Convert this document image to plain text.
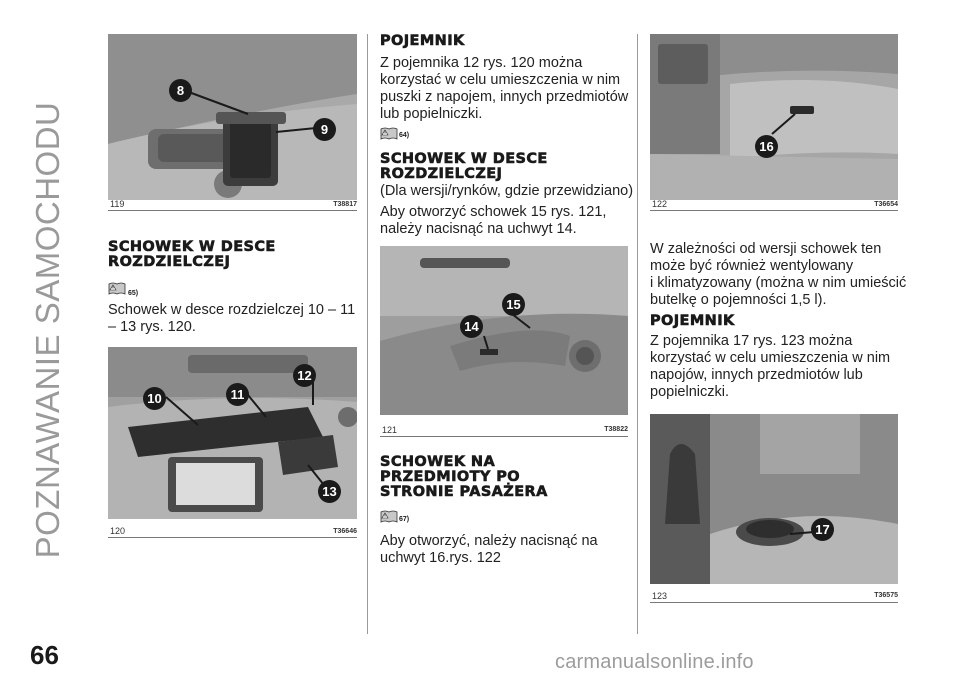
POZNAWANIE SAMOCHODU
8
9
119	T38817
SCHOWEK W DESCE
ROZDZIELCZEJ
65)

Schowek w desce rozdzielczej 10 – 11
– 13 rys. 120.

10	11
12
13
120	T36646
POJEMNIK

Z pojemnika 12 rys. 120 można
korzystać w celu umieszczenia w nim
puszki z napojem, innych przedmiotów
lub popielniczki.

64)
SCHOWEK W DESCE
ROZDZIELCZEJ

(Dla wersji/rynków, gdzie przewidziano)

Aby otworzyć schowek 15 rys. 121,
należy nacisnąć na uchwyt 14.

14
15
121	T38822
SCHOWEK NA
PRZEDMIOTY PO
STRONIE PASAŻERA
67)

Aby otworzyć, należy nacisnąć na
uchwyt 16.rys. 122

16
122	T36654

W zależności od wersji schowek ten
może być również wentylowany
i klimatyzowany (można w nim umieścić
butelkę o pojemności 1,5 l).

POJEMNIK

Z pojemnika 17 rys. 123 można
korzystać w celu umieszczenia w nim
napojów, innych przedmiotów lub
popielniczki.

17
123	T36575
66	carmanualsonline.info
